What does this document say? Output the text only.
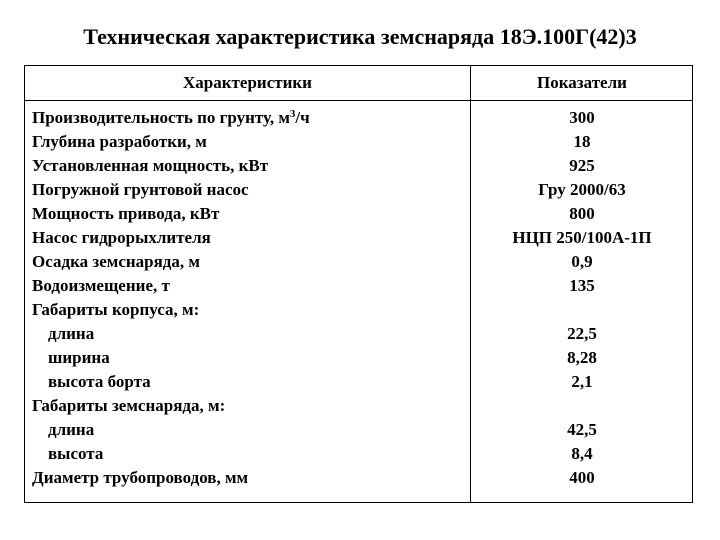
Техническая характеристика земснаряда 18Э.100Г(42)3
Характеристики	Показатели
Производительность по грунту, $м^3/ч$
Глубина разработки, м
Установленная мощность, кВт
Погружной грунтовой насос
Мощность привода, кВт
Насос гидрорыхлителя
Осадка земснаряда, м
Водоизмещение, т
Габариты корпуса, м:
длина
ширина
высота борта
Габариты земснаряда, м:
длина
высота
Диаметр трубопроводов, мм
300
18
925
Гру 2000/63
800
НЦП 250/100А-1П
0,9
135
22,5
8,28
2,1
42,5
8,4
400
